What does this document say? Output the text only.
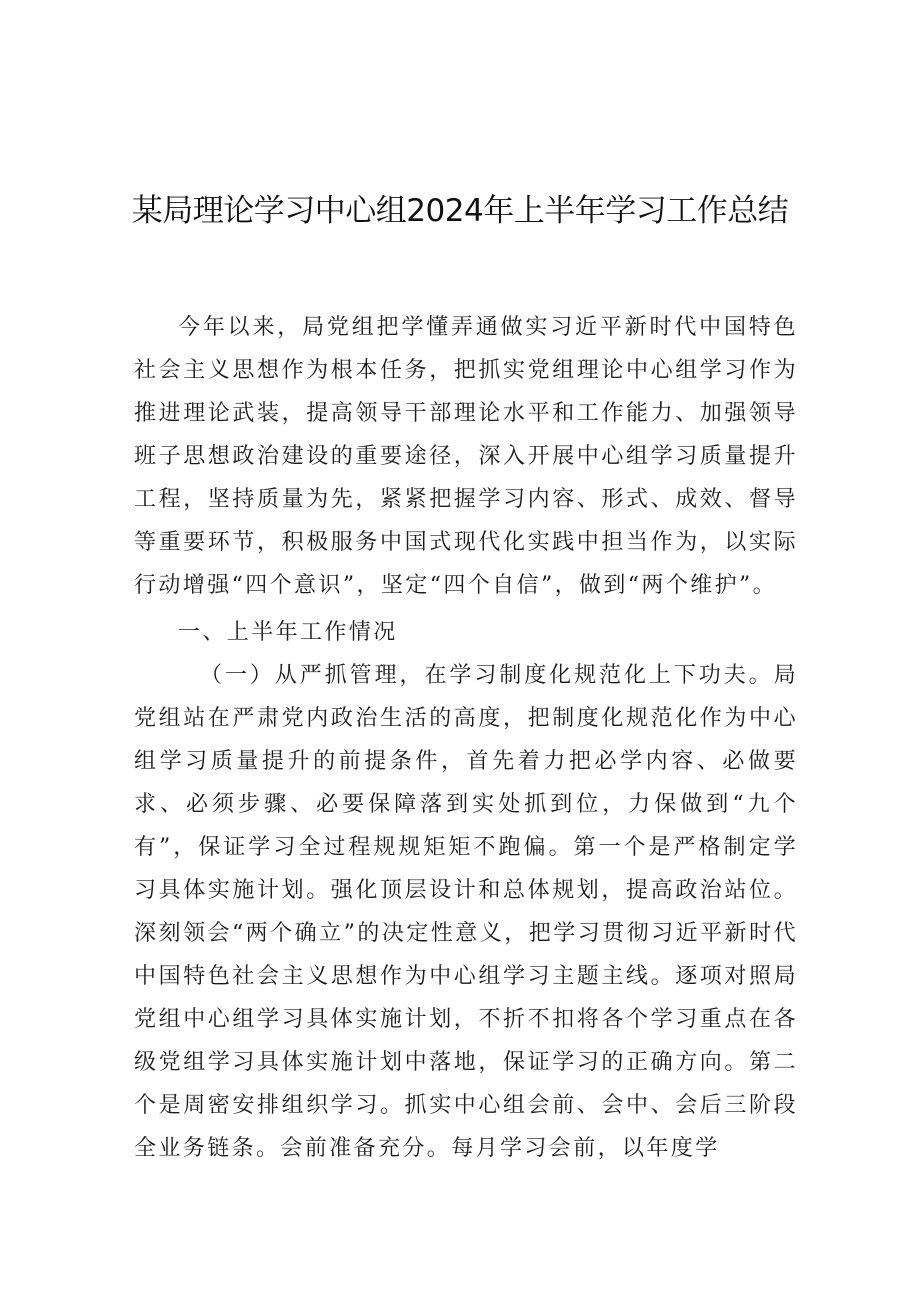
某局理论学习中心组2024年上半年学习工作总结

今年以来，局党组把学懂弄通做实习近平新时代中国特色社会主义思想作为根本任务，把抓实党组理论中心组学习作为推进理论武装，提高领导干部理论水平和工作能力、加强领导班子思想政治建设的重要途径，深入开展中心组学习质量提升工程，坚持质量为先，紧紧把握学习内容、形式、成效、督导等重要环节，积极服务中国式现代化实践中担当作为，以实际行动增强“四个意识”，坚定“四个自信”，做到“两个维护”。

一、上半年工作情况

（一）从严抓管理，在学习制度化规范化上下功夫。局党组站在严肃党内政治生活的高度，把制度化规范化作为中心组学习质量提升的前提条件，首先着力把必学内容、必做要求、必须步骤、必要保障落到实处抓到位，力保做到“九个有”，保证学习全过程规规矩矩不跑偏。第一个是严格制定学习具体实施计划。强化顶层设计和总体规划，提高政治站位。深刻领会“两个确立”的决定性意义，把学习贯彻习近平新时代中国特色社会主义思想作为中心组学习主题主线。逐项对照局党组中心组学习具体实施计划，不折不扣将各个学习重点在各级党组学习具体实施计划中落地，保证学习的正确方向。第二个是周密安排组织学习。抓实中心组会前、会中、会后三阶段全业务链条。会前准备充分。每月学习会前，以年度学
